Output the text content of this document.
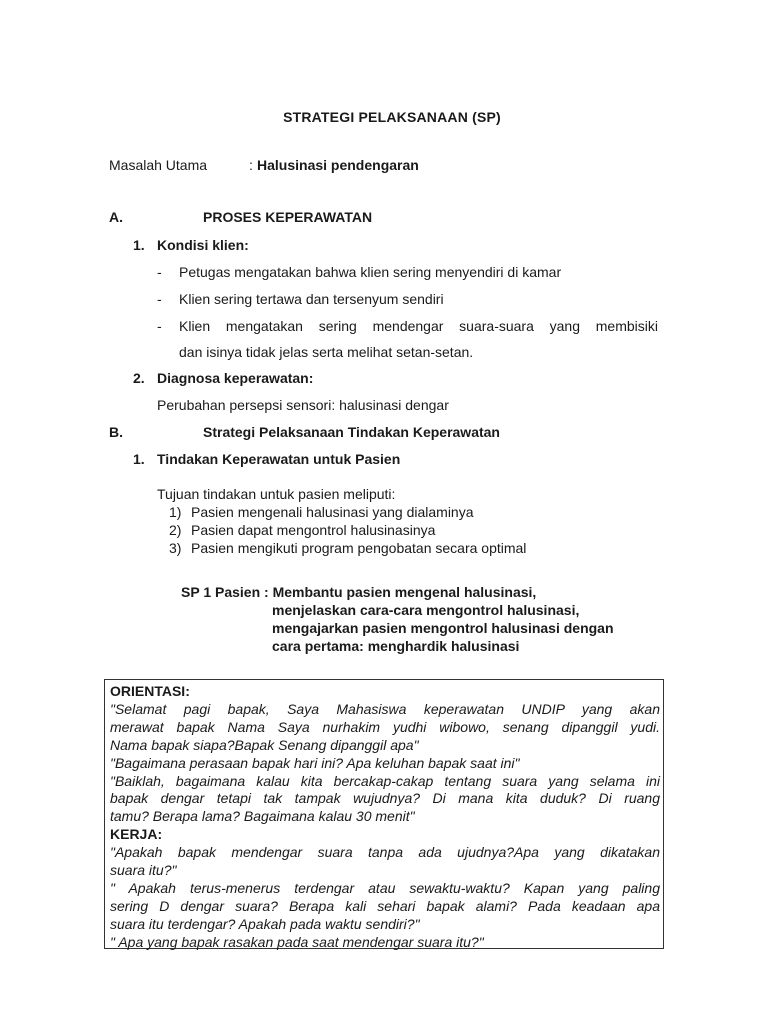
STRATEGI PELAKSANAAN (SP)
Masalah Utama	: Halusinasi pendengaran
A.	PROSES KEPERAWATAN
1. Kondisi klien:
- Petugas mengatakan bahwa klien sering menyendiri di kamar
- Klien sering tertawa dan tersenyum sendiri
- Klien mengatakan sering mendengar suara-suara yang membisiki
dan isinya tidak jelas serta melihat setan-setan.
2. Diagnosa keperawatan:
Perubahan persepsi sensori: halusinasi dengar
B.	Strategi Pelaksanaan Tindakan Keperawatan
1. Tindakan Keperawatan untuk Pasien
Tujuan tindakan untuk pasien meliputi:
1) Pasien mengenali halusinasi yang dialaminya
2) Pasien dapat mengontrol halusinasinya
3) Pasien mengikuti program pengobatan secara optimal
SP 1 Pasien : Membantu pasien mengenal halusinasi,
menjelaskan cara-cara mengontrol halusinasi,
mengajarkan pasien mengontrol halusinasi dengan
cara pertama: menghardik halusinasi
ORIENTASI:
"Selamat pagi bapak, Saya Mahasiswa keperawatan UNDIP yang akan
merawat bapak Nama Saya nurhakim yudhi wibowo, senang dipanggil yudi.
Nama bapak siapa?Bapak Senang dipanggil apa"
"Bagaimana perasaan bapak hari ini? Apa keluhan bapak saat ini"
"Baiklah, bagaimana kalau kita bercakap-cakap tentang suara yang selama ini
bapak dengar tetapi tak tampak wujudnya? Di mana kita duduk? Di ruang
tamu? Berapa lama? Bagaimana kalau 30 menit"
KERJA:
"Apakah bapak mendengar suara tanpa ada ujudnya?Apa yang dikatakan
suara itu?"
" Apakah terus-menerus terdengar atau sewaktu-waktu? Kapan yang paling
sering D dengar suara? Berapa kali sehari bapak alami? Pada keadaan apa
suara itu terdengar? Apakah pada waktu sendiri?"
" Apa yang bapak rasakan pada saat mendengar suara itu?"
